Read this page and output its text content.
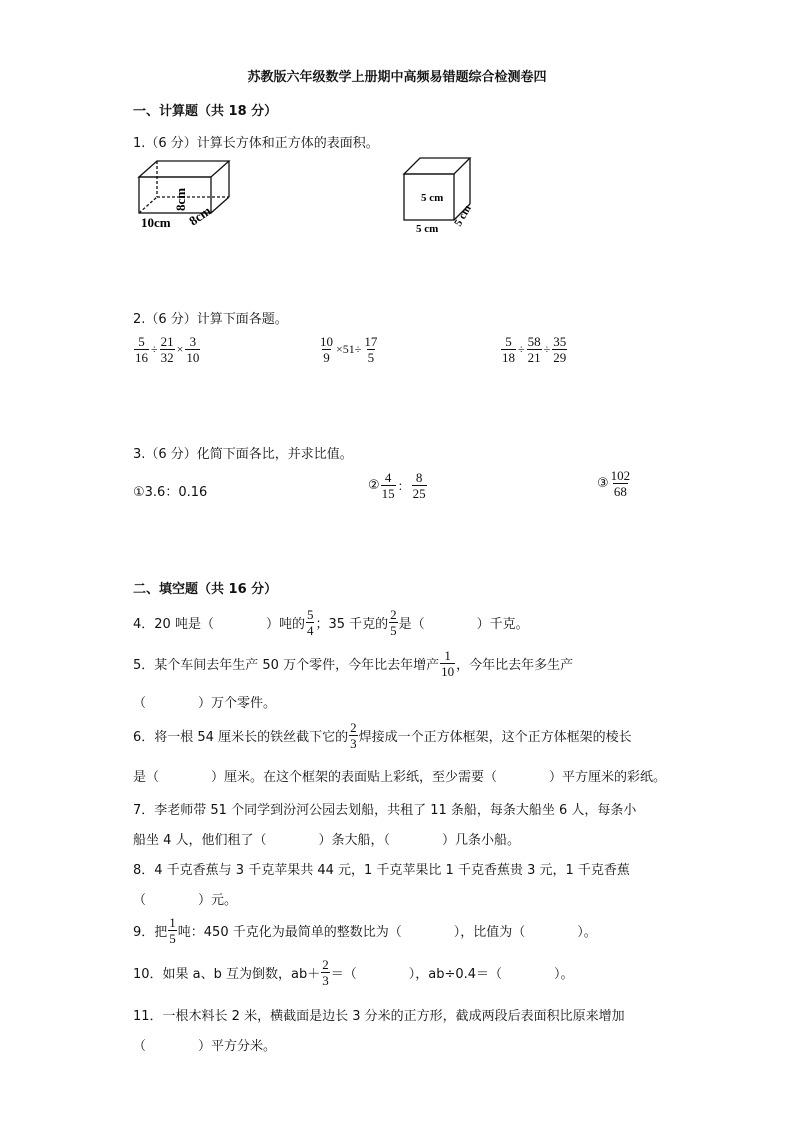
苏教版六年级数学上册期中高频易错题综合检测卷四
一、计算题（共 18 分）
1.（6 分）计算长方体和正方体的表面积。
8cm
10cm 8cm
5 cm
5 cm
5 cm
2.（6 分）计算下面各题。
$\frac{5}{16} \div \frac{21}{32} \times \frac{3}{10}$	$\frac{10}{9} \times 51\div \frac{17}{5}$	$\frac{5}{18} \div \frac{58}{21} \div \frac{35}{29}$
3.（6 分）化简下面各比，并求比值。
①3.6：0.16	② $\frac{4}{15}$ ： $\frac{8}{25}$	③ $\frac{102}{68}$
二、填空题（共 16 分）
4．20 吨是（	）吨的 $\frac{5}{4}$ ；35 千克的 $\frac{2}{5}$ 是（	）千克。
5．某个车间去年生产 50 万个零件，今年比去年增产 $\frac{1}{10}$ ，今年比去年多生产
（　　　　）万个零件。
6．将一根 54 厘米长的铁丝截下它的 $\frac{2}{3}$ 焊接成一个正方体框架，这个正方体框架的棱长
是（　　　　）厘米。在这个框架的表面贴上彩纸，至少需要（　　　　）平方厘米的彩纸。
7．李老师带 51 个同学到汾河公园去划船，共租了 11 条船，每条大船坐 6 人，每条小
船坐 4 人，他们租了（　　　　）条大船，（　　　　）几条小船。
8．4 千克香蕉与 3 千克苹果共 44 元，1 千克苹果比 1 千克香蕉贵 3 元，1 千克香蕉
（　　　　）元。
9．把 $\frac{1}{5}$ 吨：450 千克化为最简单的整数比为（　　　　），比值为（　　　　）。
10．如果 a、b 互为倒数，$ab+ \frac{2}{3}$ ＝（　　　　），ab÷0.4＝（　　　　）。
11．一根木料长 2 米，横截面是边长 3 分米的正方形，截成两段后表面积比原来增加
（　　　　）平方分米。
